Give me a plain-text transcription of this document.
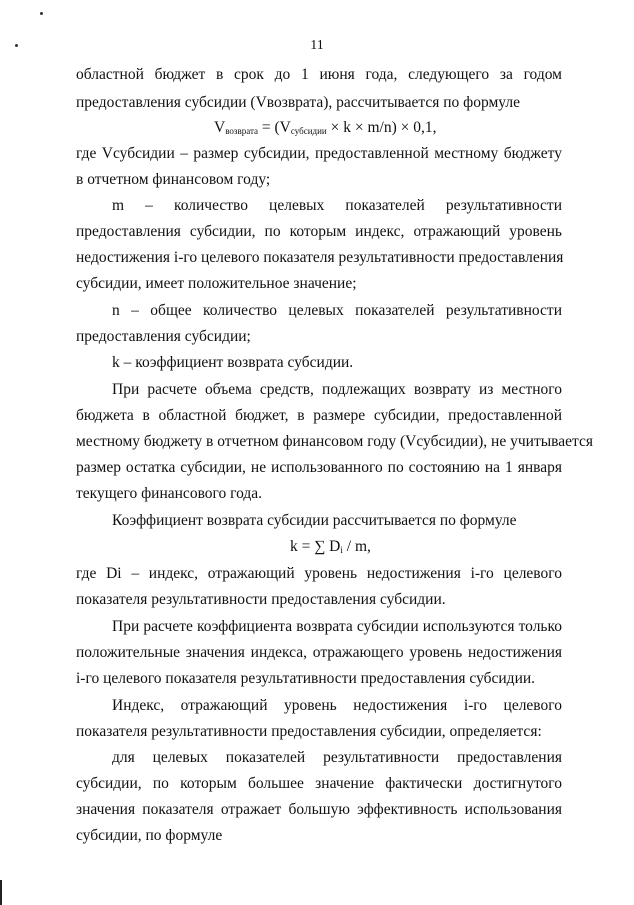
11
областной бюджет в срок до 1 июня года, следующего за годом
предоставления субсидии (Vвозврата), рассчитывается по формуле
$V_{возврата} = (V_{субсидии} \times k \times m/n) \times 0,1$,
где Vсубсидии – размер субсидии, предоставленной местному бюджету
в отчетном финансовом году;
m – количество целевых показателей результативности
предоставления субсидии, по которым индекс, отражающий уровень
недостижения i-го целевого показателя результативности предоставления
субсидии, имеет положительное значение;
n – общее количество целевых показателей результативности
предоставления субсидии;
k – коэффициент возврата субсидии.
При расчете объема средств, подлежащих возврату из местного
бюджета в областной бюджет, в размере субсидии, предоставленной
местному бюджету в отчетном финансовом году (Vсубсидии), не учитывается
размер остатка субсидии, не использованного по состоянию на 1 января
текущего финансового года.
Коэффициент возврата субсидии рассчитывается по формуле
k = ∑ $D_i$ / m,
где Di – индекс, отражающий уровень недостижения i-го целевого
показателя результативности предоставления субсидии.
При расчете коэффициента возврата субсидии используются только
положительные значения индекса, отражающего уровень недостижения
i-го целевого показателя результативности предоставления субсидии.
Индекс, отражающий уровень недостижения i-го целевого
показателя результативности предоставления субсидии, определяется:
для целевых показателей результативности предоставления
субсидии, по которым большее значение фактически достигнутого
значения показателя отражает большую эффективность использования
субсидии, по формуле
